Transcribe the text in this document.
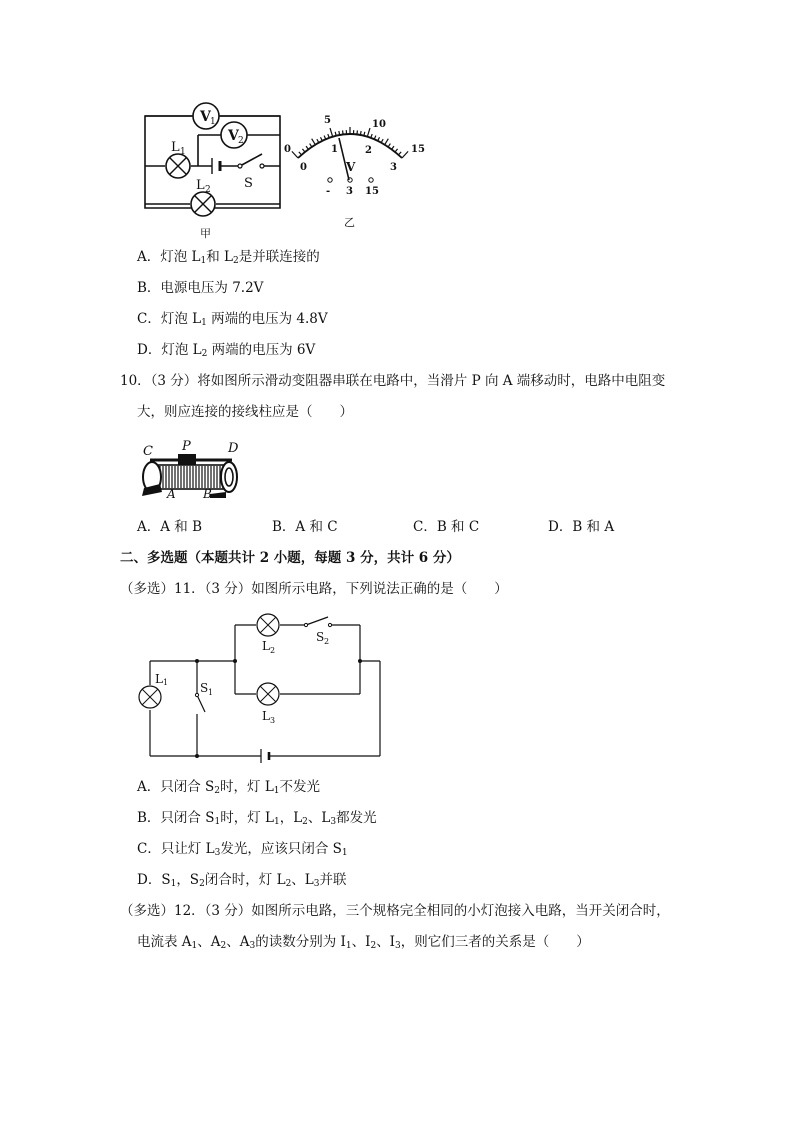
V 1
V 2
L 1
L 2	S
甲
0
5	10
15
0
1	2
3
V
- 3 15
乙
A．灯泡 $L_1$和 $L_2$是并联连接的
B．电源电压为 7.2V
C．灯泡 $L_1$ 两端的电压为 4.8V
D．灯泡 $L_2$ 两端的电压为 6V
10．（3 分）将如图所示滑动变阻器串联在电路中，当滑片 P 向 A 端移动时，电路中电阻变
大，则应连接的接线柱应是（　　）
C P	D
A B
A．A 和 B	B．A 和 C	C．B 和 C	D．B 和 A
二、多选题（本题共计 2 小题，每题 3 分，共计 6 分）
（多选）11．（3 分）如图所示电路，下列说法正确的是（　　）
L 1
L 2
L 3
S 1
S 2
A．只闭合 $S_2$时，灯 $L_1$不发光
B．只闭合 $S_1$时，灯 $L_1$，$L_2$、$L_3$都发光
C．只让灯 $L_3$发光，应该只闭合 $S_1$
D．$S_1$，$S_2$闭合时，灯 $L_2$、$L_3$并联
（多选）12．（3 分）如图所示电路，三个规格完全相同的小灯泡接入电路，当开关闭合时，
电流表 $A_1$、$A_2$、$A_3$的读数分别为 $I_1$、$I_2$、$I_3$，则它们三者的关系是（　　）
